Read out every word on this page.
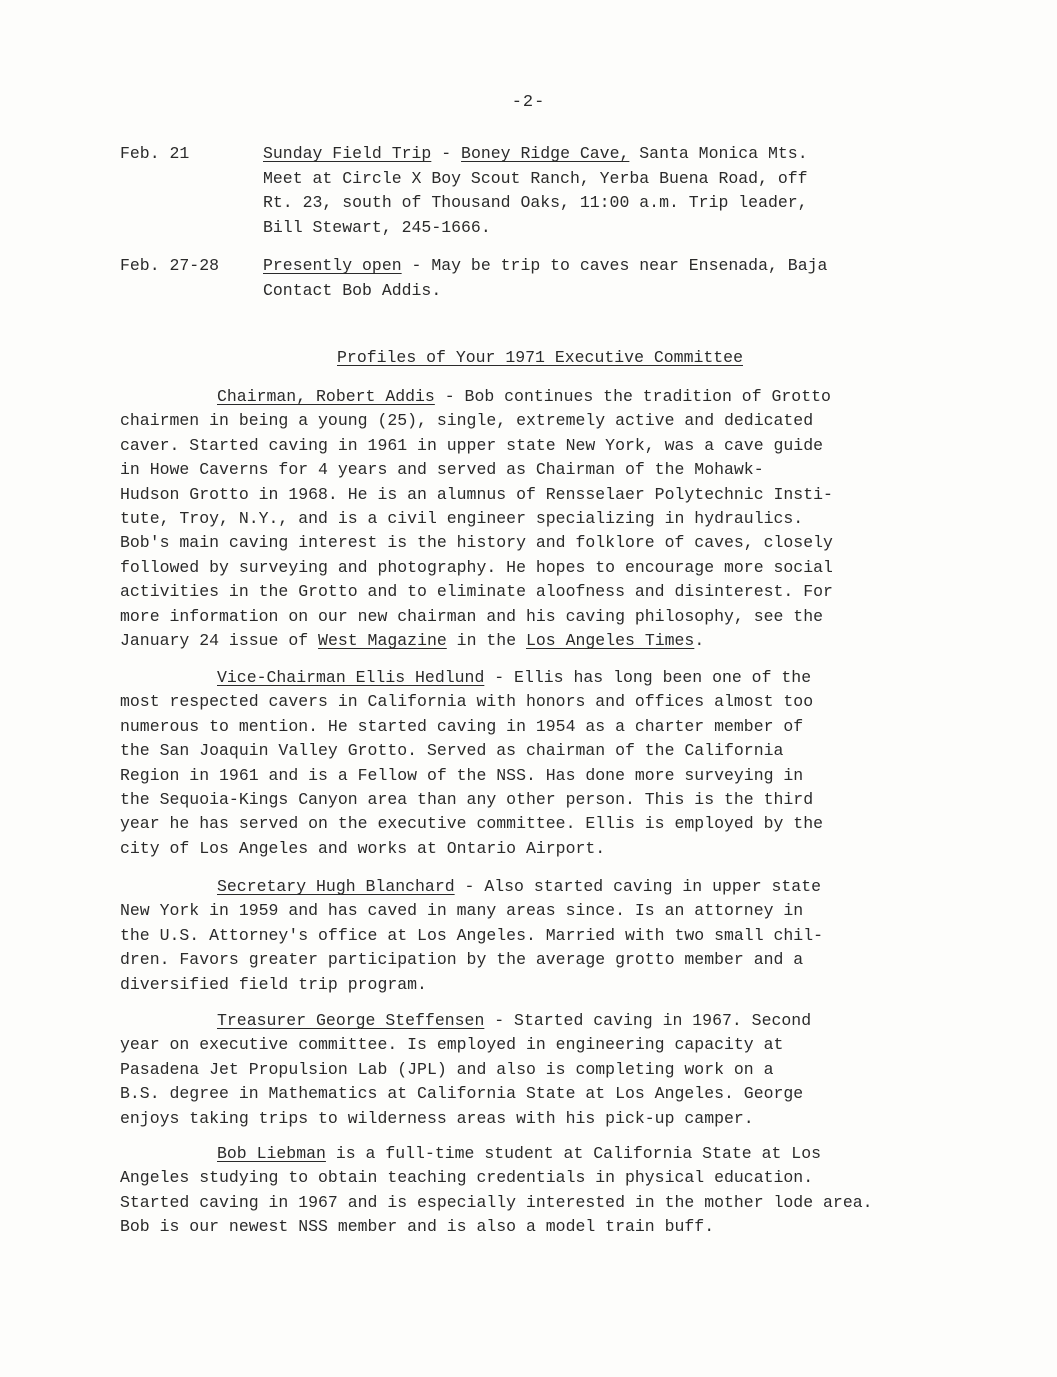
-2-
Feb. 21	Sunday Field Trip - Boney Ridge Cave, Santa Monica Mts.
Meet at Circle X Boy Scout Ranch, Yerba Buena Road, off
Rt. 23, south of Thousand Oaks, 11:00 a.m. Trip leader,
Bill Stewart, 245-1666.
Feb. 27-28	Presently open - May be trip to caves near Ensenada, Baja
Contact Bob Addis.
Profiles of Your 1971 Executive Committee
Chairman, Robert Addis - Bob continues the tradition of Grotto
chairmen in being a young (25), single, extremely active and dedicated
caver. Started caving in 1961 in upper state New York, was a cave guide
in Howe Caverns for 4 years and served as Chairman of the Mohawk-
Hudson Grotto in 1968. He is an alumnus of Rensselaer Polytechnic Insti-
tute, Troy, N.Y., and is a civil engineer specializing in hydraulics.
Bob's main caving interest is the history and folklore of caves, closely
followed by surveying and photography. He hopes to encourage more social
activities in the Grotto and to eliminate aloofness and disinterest. For
more information on our new chairman and his caving philosophy, see the
January 24 issue of West Magazine in the Los Angeles Times.
Vice-Chairman Ellis Hedlund - Ellis has long been one of the
most respected cavers in California with honors and offices almost too
numerous to mention. He started caving in 1954 as a charter member of
the San Joaquin Valley Grotto. Served as chairman of the California
Region in 1961 and is a Fellow of the NSS. Has done more surveying in
the Sequoia-Kings Canyon area than any other person. This is the third
year he has served on the executive committee. Ellis is employed by the
city of Los Angeles and works at Ontario Airport.
Secretary Hugh Blanchard - Also started caving in upper state
New York in 1959 and has caved in many areas since. Is an attorney in
the U.S. Attorney's office at Los Angeles. Married with two small chil-
dren. Favors greater participation by the average grotto member and a
diversified field trip program.
Treasurer George Steffensen - Started caving in 1967. Second
year on executive committee. Is employed in engineering capacity at
Pasadena Jet Propulsion Lab (JPL) and also is completing work on a
B.S. degree in Mathematics at California State at Los Angeles. George
enjoys taking trips to wilderness areas with his pick-up camper.
Bob Liebman is a full-time student at California State at Los
Angeles studying to obtain teaching credentials in physical education.
Started caving in 1967 and is especially interested in the mother lode area.
Bob is our newest NSS member and is also a model train buff.
